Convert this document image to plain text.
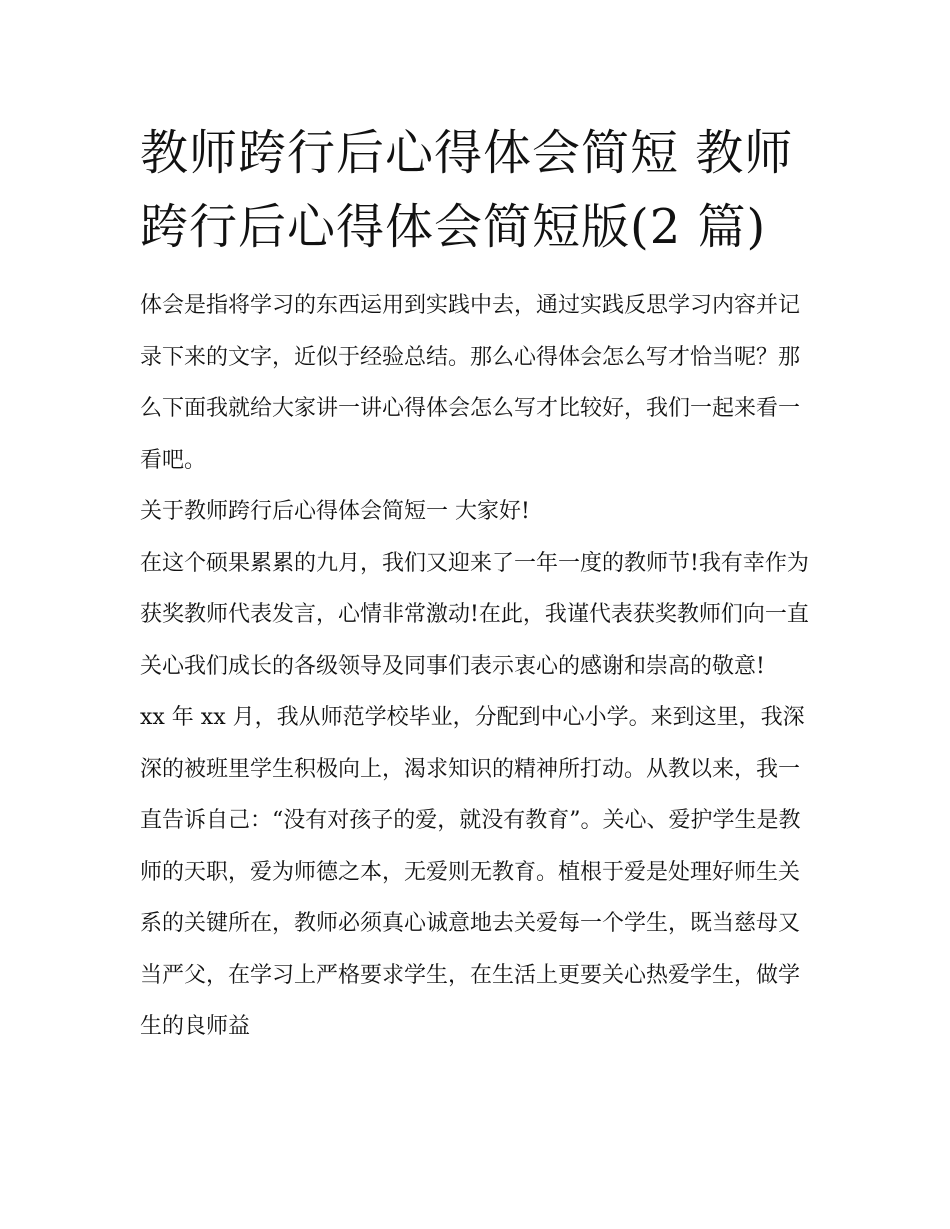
教师跨行后心得体会简短 教师跨行后心得体会简短版(2 篇)

体会是指将学习的东西运用到实践中去，通过实践反思学习内容并记录下来的文字，近似于经验总结。那么心得体会怎么写才恰当呢？那么下面我就给大家讲一讲心得体会怎么写才比较好，我们一起来看一看吧。

关于教师跨行后心得体会简短一 大家好!

在这个硕果累累的九月，我们又迎来了一年一度的教师节!我有幸作为获奖教师代表发言，心情非常激动!在此，我谨代表获奖教师们向一直关心我们成长的各级领导及同事们表示衷心的感谢和崇高的敬意!

xx 年 xx 月，我从师范学校毕业，分配到中心小学。来到这里，我深深的被班里学生积极向上，渴求知识的精神所打动。从教以来，我一直告诉自己：“没有对孩子的爱，就没有教育”。关心、爱护学生是教师的天职，爱为师德之本，无爱则无教育。植根于爱是处理好师生关系的关键所在，教师必须真心诚意地去关爱每一个学生，既当慈母又当严父，在学习上严格要求学生，在生活上更要关心热爱学生，做学生的良师益
